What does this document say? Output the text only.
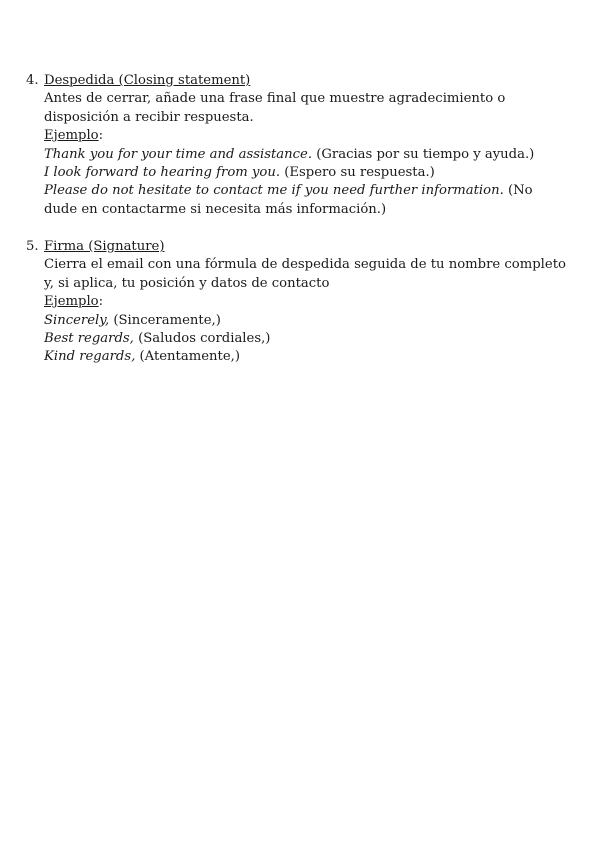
4. Despedida (Closing statement)
Antes de cerrar, añade una frase final que muestre agradecimiento o disposición a recibir respuesta.
Ejemplo:
Thank you for your time and assistance. (Gracias por su tiempo y ayuda.)
I look forward to hearing from you. (Espero su respuesta.)
Please do not hesitate to contact me if you need further information. (No dude en contactarme si necesita más información.)
5. Firma (Signature)
Cierra el email con una fórmula de despedida seguida de tu nombre completo y, si aplica, tu posición y datos de contacto
Ejemplo:
Sincerely, (Sinceramente,)
Best regards, (Saludos cordiales,)
Kind regards, (Atentamente,)
